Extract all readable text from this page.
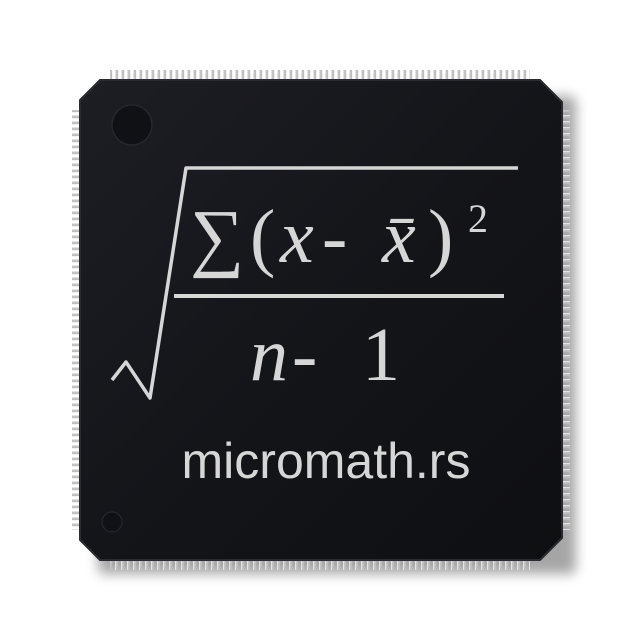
∑ ( x - x̄ ) 2
n - 1
micromath.rs
